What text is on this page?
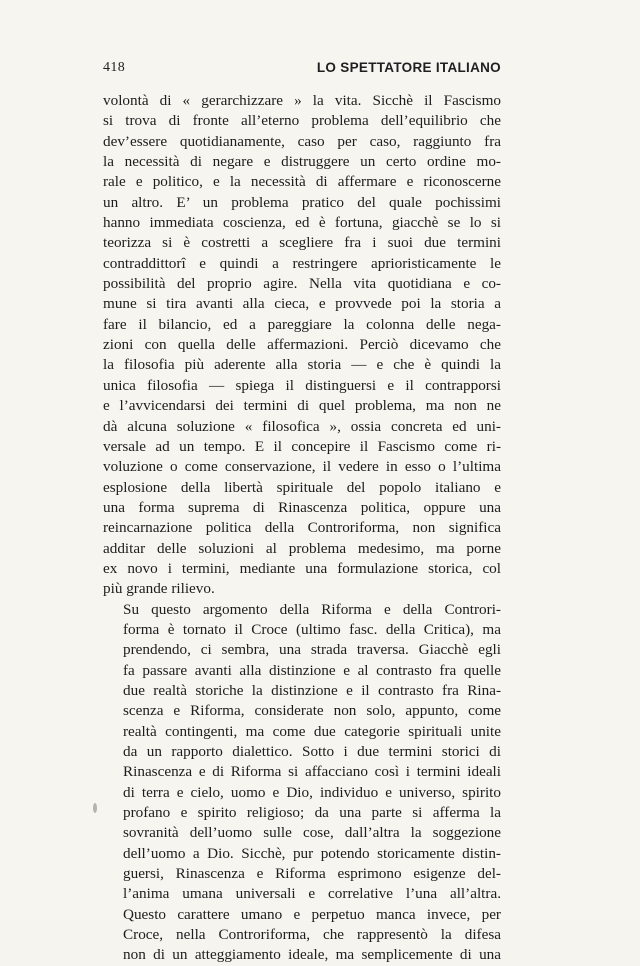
418	LO SPETTATORE ITALIANO

volontà di « gerarchizzare » la vita. Sicchè il Fascismo
si trova di fronte all’eterno problema dell’equilibrio che
dev’essere quotidianamente, caso per caso, raggiunto fra
la necessità di negare e distruggere un certo ordine mo-
rale e politico, e la necessità di affermare e riconoscerne
un altro. E’ un problema pratico del quale pochissimi
hanno immediata coscienza, ed è fortuna, giacchè se lo si
teorizza si è costretti a scegliere fra i suoi due termini
contraddittorî e quindi a restringere aprioristicamente le
possibilità del proprio agire. Nella vita quotidiana e co-
mune si tira avanti alla cieca, e provvede poi la storia a
fare il bilancio, ed a pareggiare la colonna delle nega-
zioni con quella delle affermazioni. Perciò dicevamo che
la filosofia più aderente alla storia — e che è quindi la
unica filosofia — spiega il distinguersi e il contrapporsi
e l’avvicendarsi dei termini di quel problema, ma non ne
dà alcuna soluzione « filosofica », ossia concreta ed uni-
versale ad un tempo. E il concepire il Fascismo come ri-
voluzione o come conservazione, il vedere in esso o l’ultima
esplosione della libertà spirituale del popolo italiano e
una forma suprema di Rinascenza politica, oppure una
reincarnazione politica della Controriforma, non significa
additar delle soluzioni al problema medesimo, ma porne
ex novo i termini, mediante una formulazione storica, col
più grande rilievo.

Su questo argomento della Riforma e della Controri-
forma è tornato il Croce (ultimo fasc. della Critica), ma
prendendo, ci sembra, una strada traversa. Giacchè egli
fa passare avanti alla distinzione e al contrasto fra quelle
due realtà storiche la distinzione e il contrasto fra Rina-
scenza e Riforma, considerate non solo, appunto, come
realtà contingenti, ma come due categorie spirituali unite
da un rapporto dialettico. Sotto i due termini storici di
Rinascenza e di Riforma si affacciano così i termini ideali
di terra e cielo, uomo e Dio, individuo e universo, spirito
profano e spirito religioso; da una parte si afferma la
sovranità dell’uomo sulle cose, dall’altra la soggezione
dell’uomo a Dio. Sicchè, pur potendo storicamente distin-
guersi, Rinascenza e Riforma esprimono esigenze del-
l’anima umana universali e correlative l’una all’altra.
Questo carattere umano e perpetuo manca invece, per
Croce, nella Controriforma, che rappresentò la difesa
non di un atteggiamento ideale, ma semplicemente di una
